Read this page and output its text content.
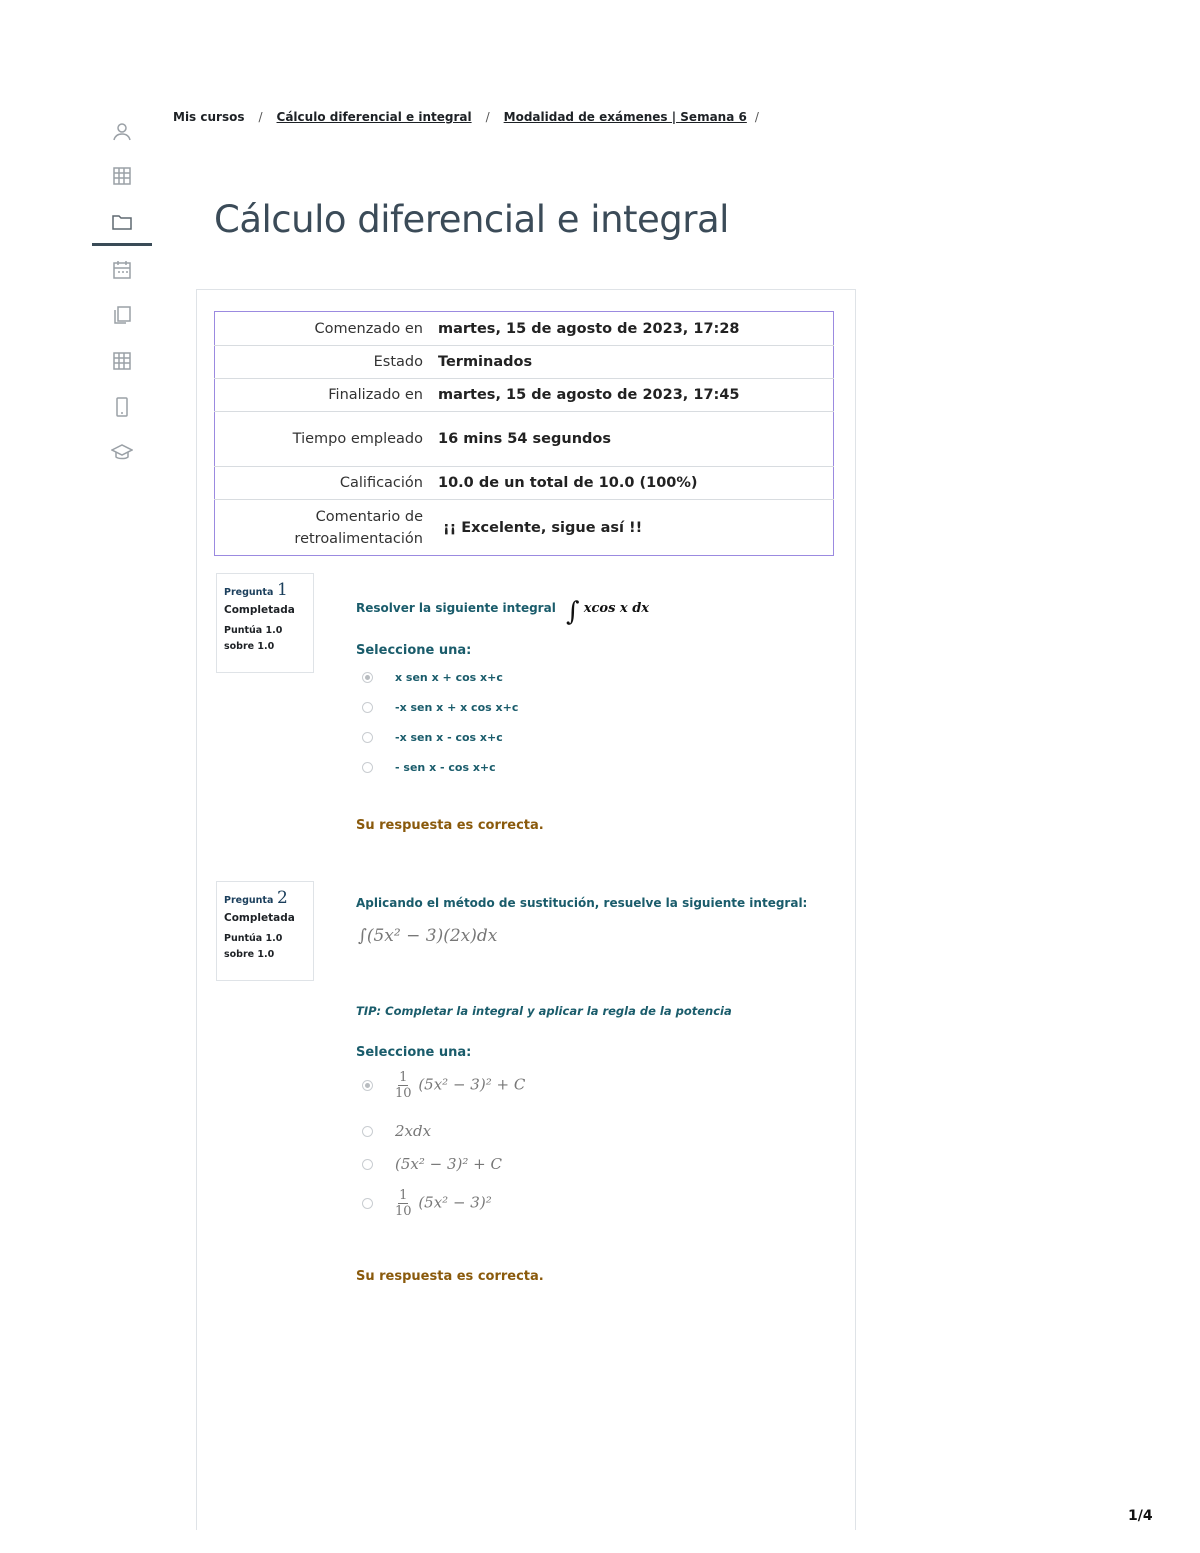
Mis cursos / Cálculo diferencial e integral / Modalidad de exámenes | Semana 6 /
Cálculo diferencial e integral
Comenzado en	martes, 15 de agosto de 2023, 17:28
Estado	Terminados
Finalizado en	martes, 15 de agosto de 2023, 17:45
Tiempo empleado	16 mins 54 segundos
Calificación	10.0 de un total de 10.0 (100%)
Comentario de retroalimentación	¡¡ Excelente, sigue así !!
Pregunta 1
Completada
Puntúa 1.0 sobre 1.0
Resolver la siguiente integral ∫ xcos x dx
Seleccione una:
x sen x + cos x+c
-x sen x + x cos x+c
-x sen x - cos x+c
- sen x - cos x+c
Su respuesta es correcta.
Pregunta 2
Completada
Puntúa 1.0 sobre 1.0
Aplicando el método de sustitución, resuelve la siguiente integral:
∫(5x² − 3)(2x)dx
TIP: Completar la integral y aplicar la regla de la potencia
Seleccione una:
$\frac{1}{10} (5x^2 - 3)^2 + C$
2xdx
(5x² − 3)² + C
$\frac{1}{10} (5x^2 - 3)^2$
Su respuesta es correcta.
1/4
